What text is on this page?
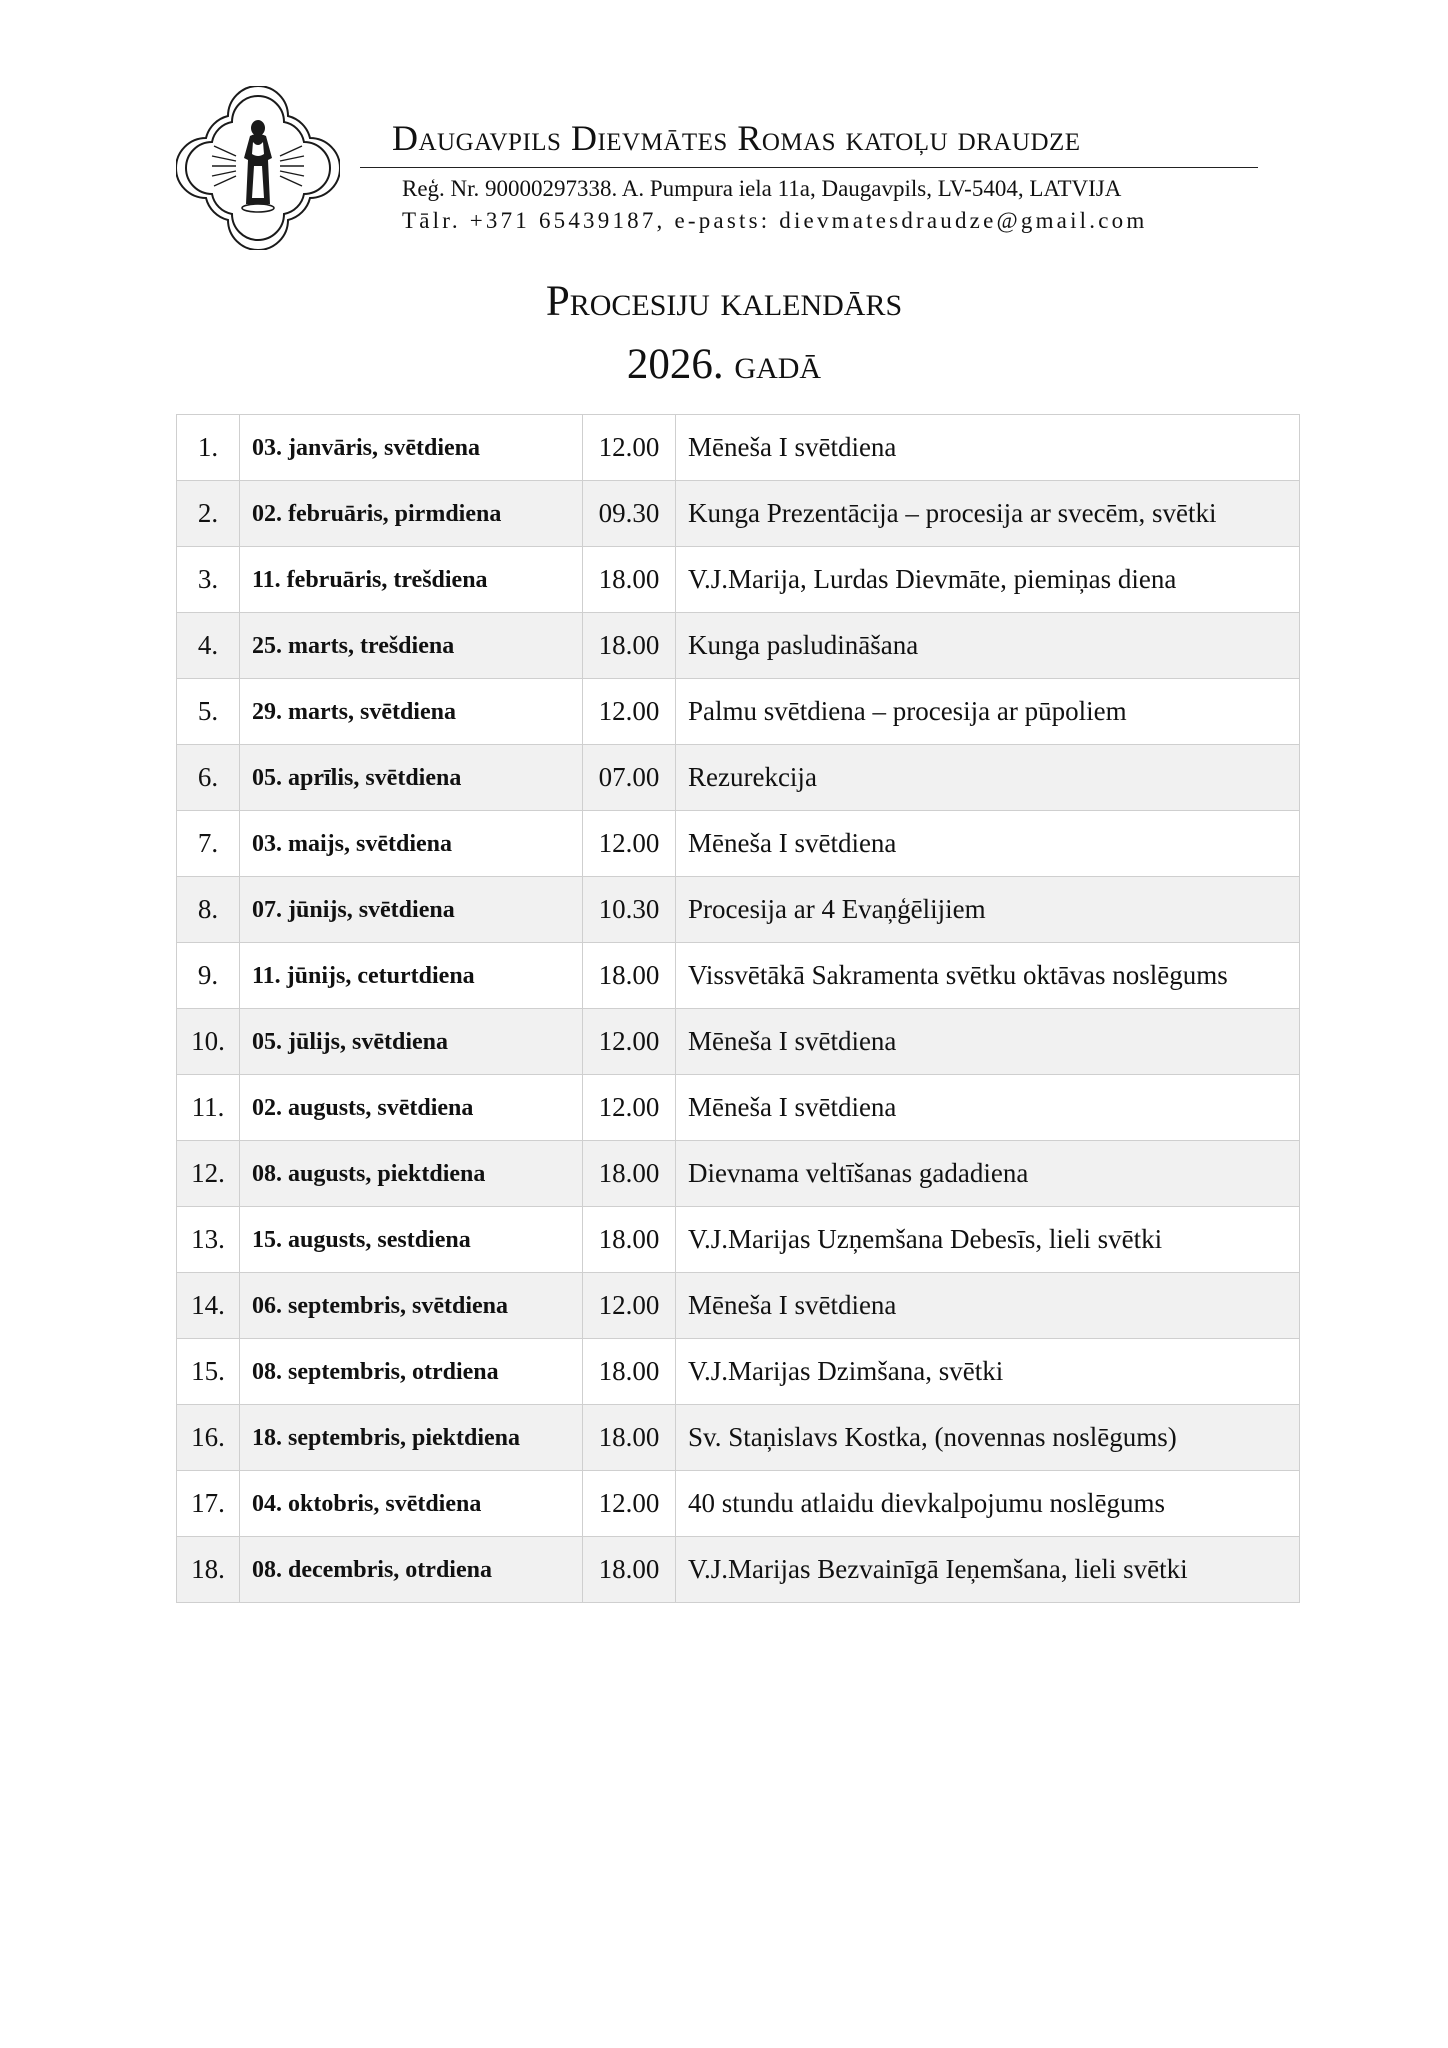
Daugavpils Dievmātes Romas katoļu draudze
Reģ. Nr. 90000297338. A. Pumpura iela 11a, Daugavpils, LV-5404, LATVIJA
Tālr. +371 65439187, e-pasts: dievmatesdraudze@gmail.com
Procesiju kalendārs
2026. gadā
1.	03. janvāris, svētdiena	12.00	Mēneša I svētdiena
2.	02. februāris, pirmdiena	09.30	Kunga Prezentācija – procesija ar svecēm, svētki
3.	11. februāris, trešdiena	18.00	V.J.Marija, Lurdas Dievmāte, piemiņas diena
4.	25. marts, trešdiena	18.00	Kunga pasludināšana
5.	29. marts, svētdiena	12.00	Palmu svētdiena – procesija ar pūpoliem
6.	05. aprīlis, svētdiena	07.00	Rezurekcija
7.	03. maijs, svētdiena	12.00	Mēneša I svētdiena
8.	07. jūnijs, svētdiena	10.30	Procesija ar 4 Evaņģēlijiem
9.	11. jūnijs, ceturtdiena	18.00	Vissvētākā Sakramenta svētku oktāvas noslēgums
10.	05. jūlijs, svētdiena	12.00	Mēneša I svētdiena
11.	02. augusts, svētdiena	12.00	Mēneša I svētdiena
12.	08. augusts, piektdiena	18.00	Dievnama veltīšanas gadadiena
13.	15. augusts, sestdiena	18.00	V.J.Marijas Uzņemšana Debesīs, lieli svētki
14.	06. septembris, svētdiena	12.00	Mēneša I svētdiena
15.	08. septembris, otrdiena	18.00	V.J.Marijas Dzimšana, svētki
16.	18. septembris, piektdiena	18.00	Sv. Staņislavs Kostka, (novennas noslēgums)
17.	04. oktobris, svētdiena	12.00	40 stundu atlaidu dievkalpojumu noslēgums
18.	08. decembris, otrdiena	18.00	V.J.Marijas Bezvainīgā Ieņemšana, lieli svētki
